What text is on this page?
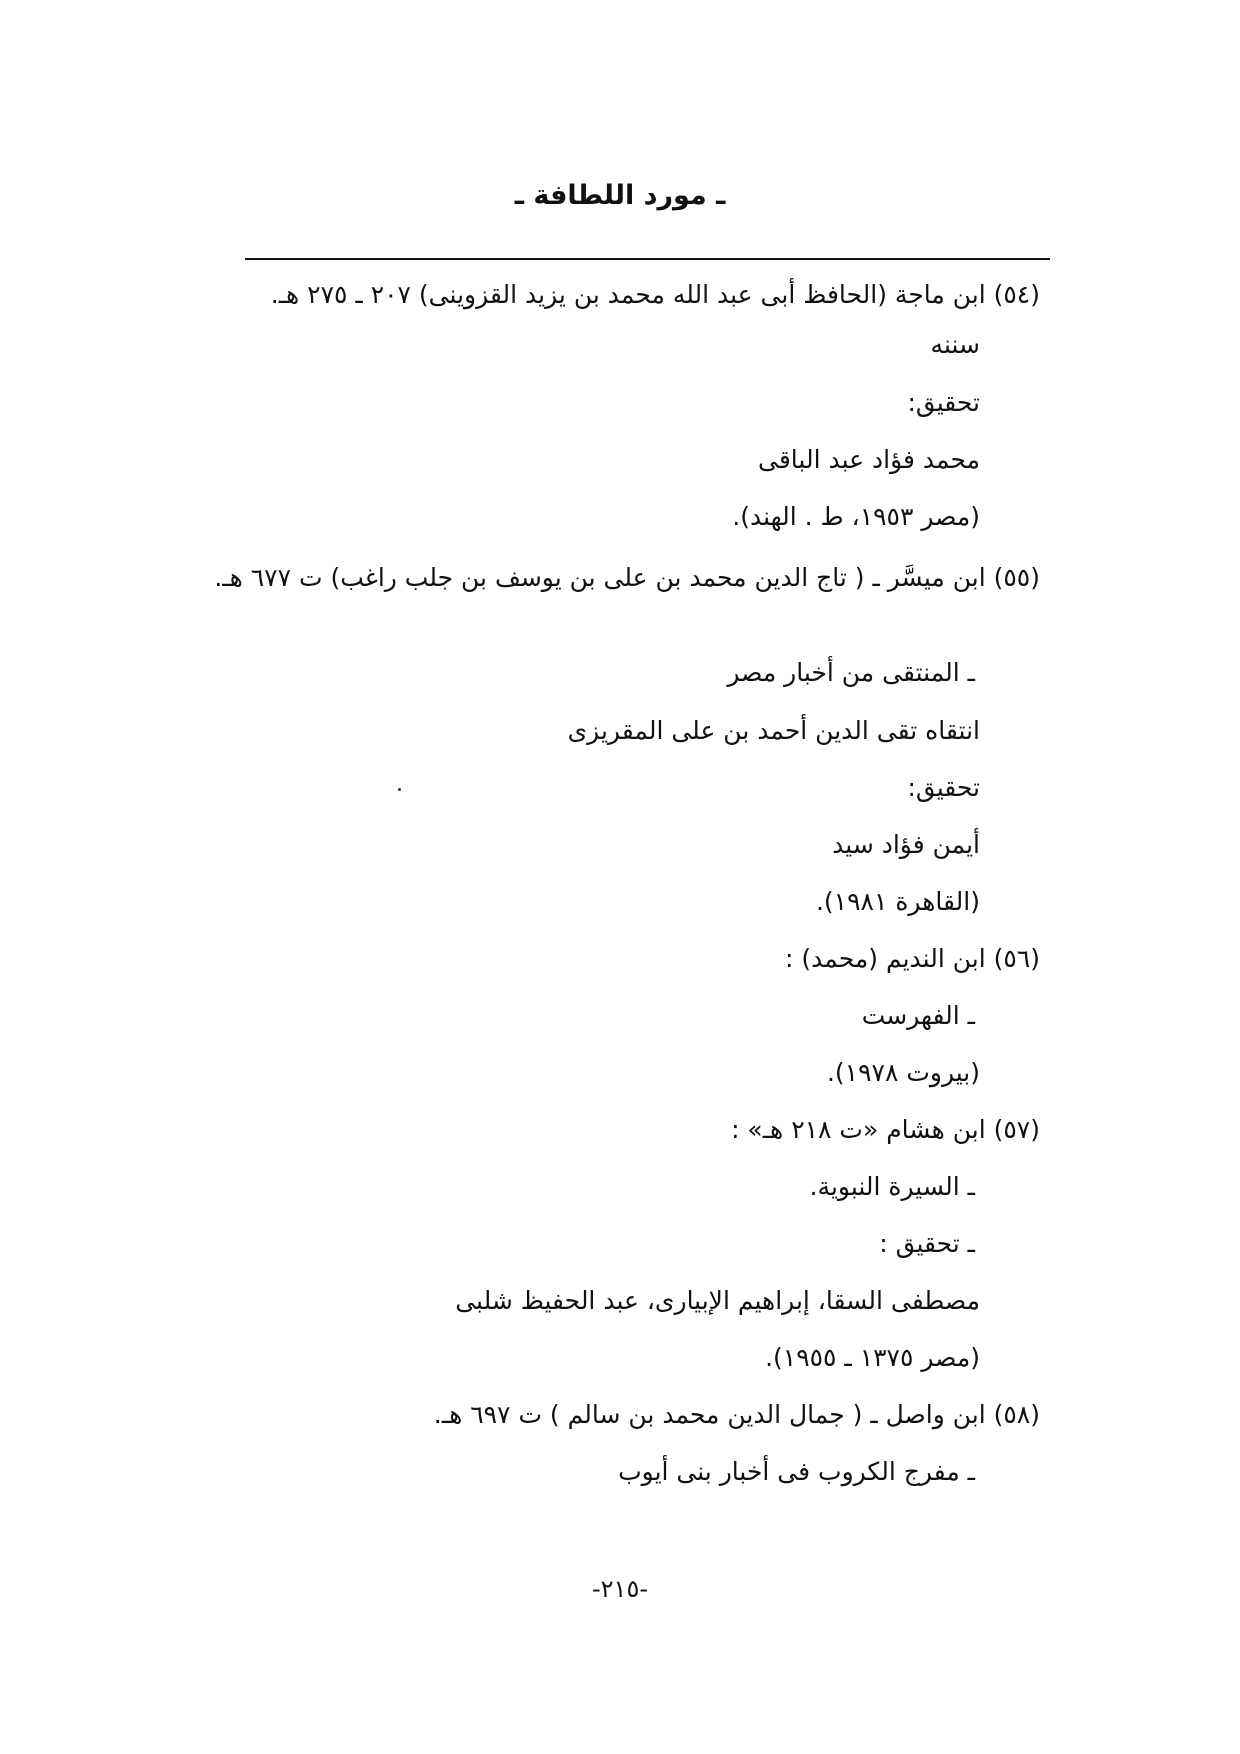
ـ مورد اللطافة ـ
(٥٤) ابن ماجة (الحافظ أبى عبد الله محمد بن يزيد القزوينى) ٢٠٧ ـ ٢٧٥ هـ.
سننه
تحقيق:
محمد فؤاد عبد الباقى
(مصر ١٩٥٣، ط . الهند).
(٥٥) ابن ميسَّر ـ ( تاج الدين محمد بن على بن يوسف بن جلب راغب) ت ٦٧٧ هـ.
ـ المنتقى من أخبار مصر
انتقاه تقى الدين أحمد بن على المقريزى
تحقيق:
أيمن فؤاد سيد
(القاهرة ١٩٨١).
(٥٦) ابن النديم (محمد) :
ـ الفهرست
(بيروت ١٩٧٨).
(٥٧) ابن هشام «ت ٢١٨ هـ» :
ـ السيرة النبوية.
ـ تحقيق :
مصطفى السقا، إبراهيم الإبيارى، عبد الحفيظ شلبى
(مصر ١٣٧٥ ـ ١٩٥٥).
(٥٨) ابن واصل ـ ( جمال الدين محمد بن سالم ) ت ٦٩٧ هـ.
ـ مفرج الكروب فى أخبار بنى أيوب
-٢١٥-
